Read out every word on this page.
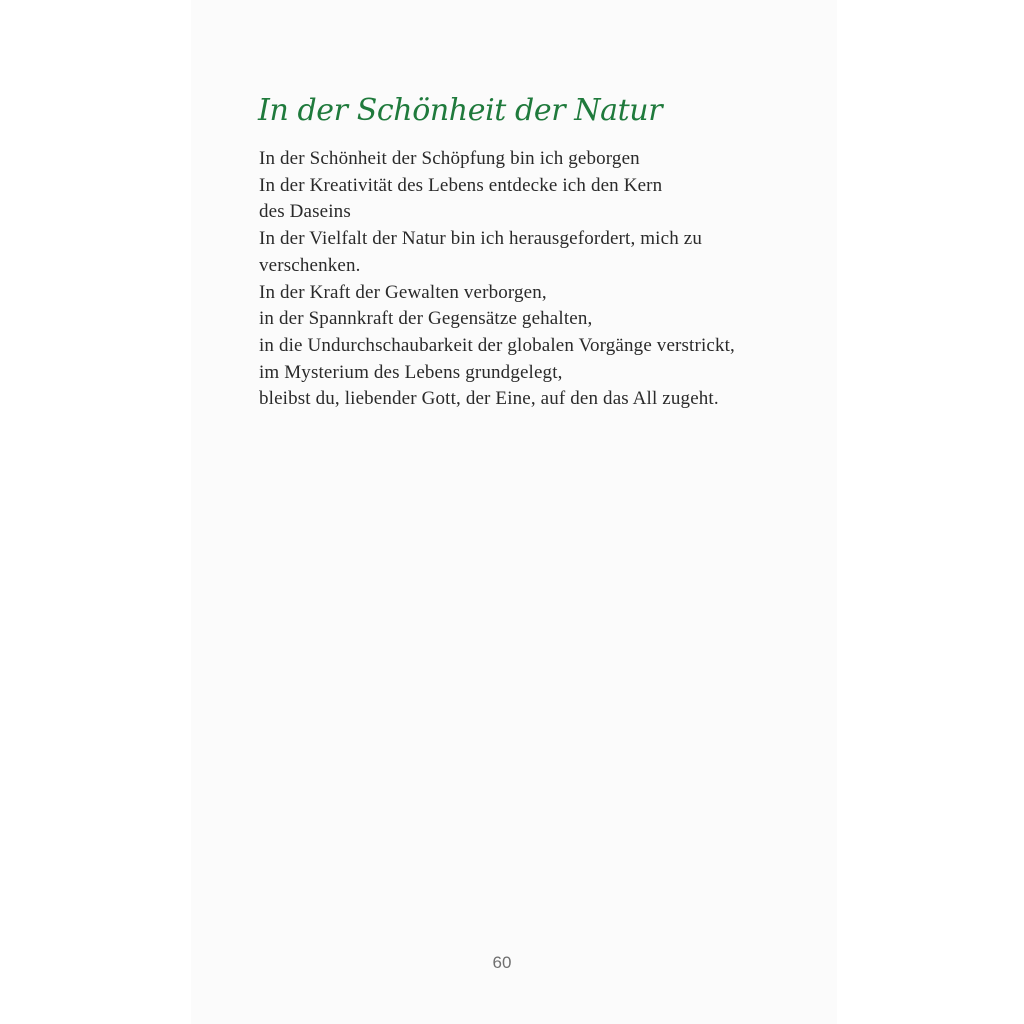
In der Schönheit der Natur
In der Schönheit der Schöpfung bin ich geborgen
In der Kreativität des Lebens entdecke ich den Kern
des Daseins
In der Vielfalt der Natur bin ich herausgefordert, mich zu
verschenken.
In der Kraft der Gewalten verborgen,
in der Spannkraft der Gegensätze gehalten,
in die Undurchschaubarkeit der globalen Vorgänge verstrickt,
im Mysterium des Lebens grundgelegt,
bleibst du, liebender Gott, der Eine, auf den das All zugeht.
60
